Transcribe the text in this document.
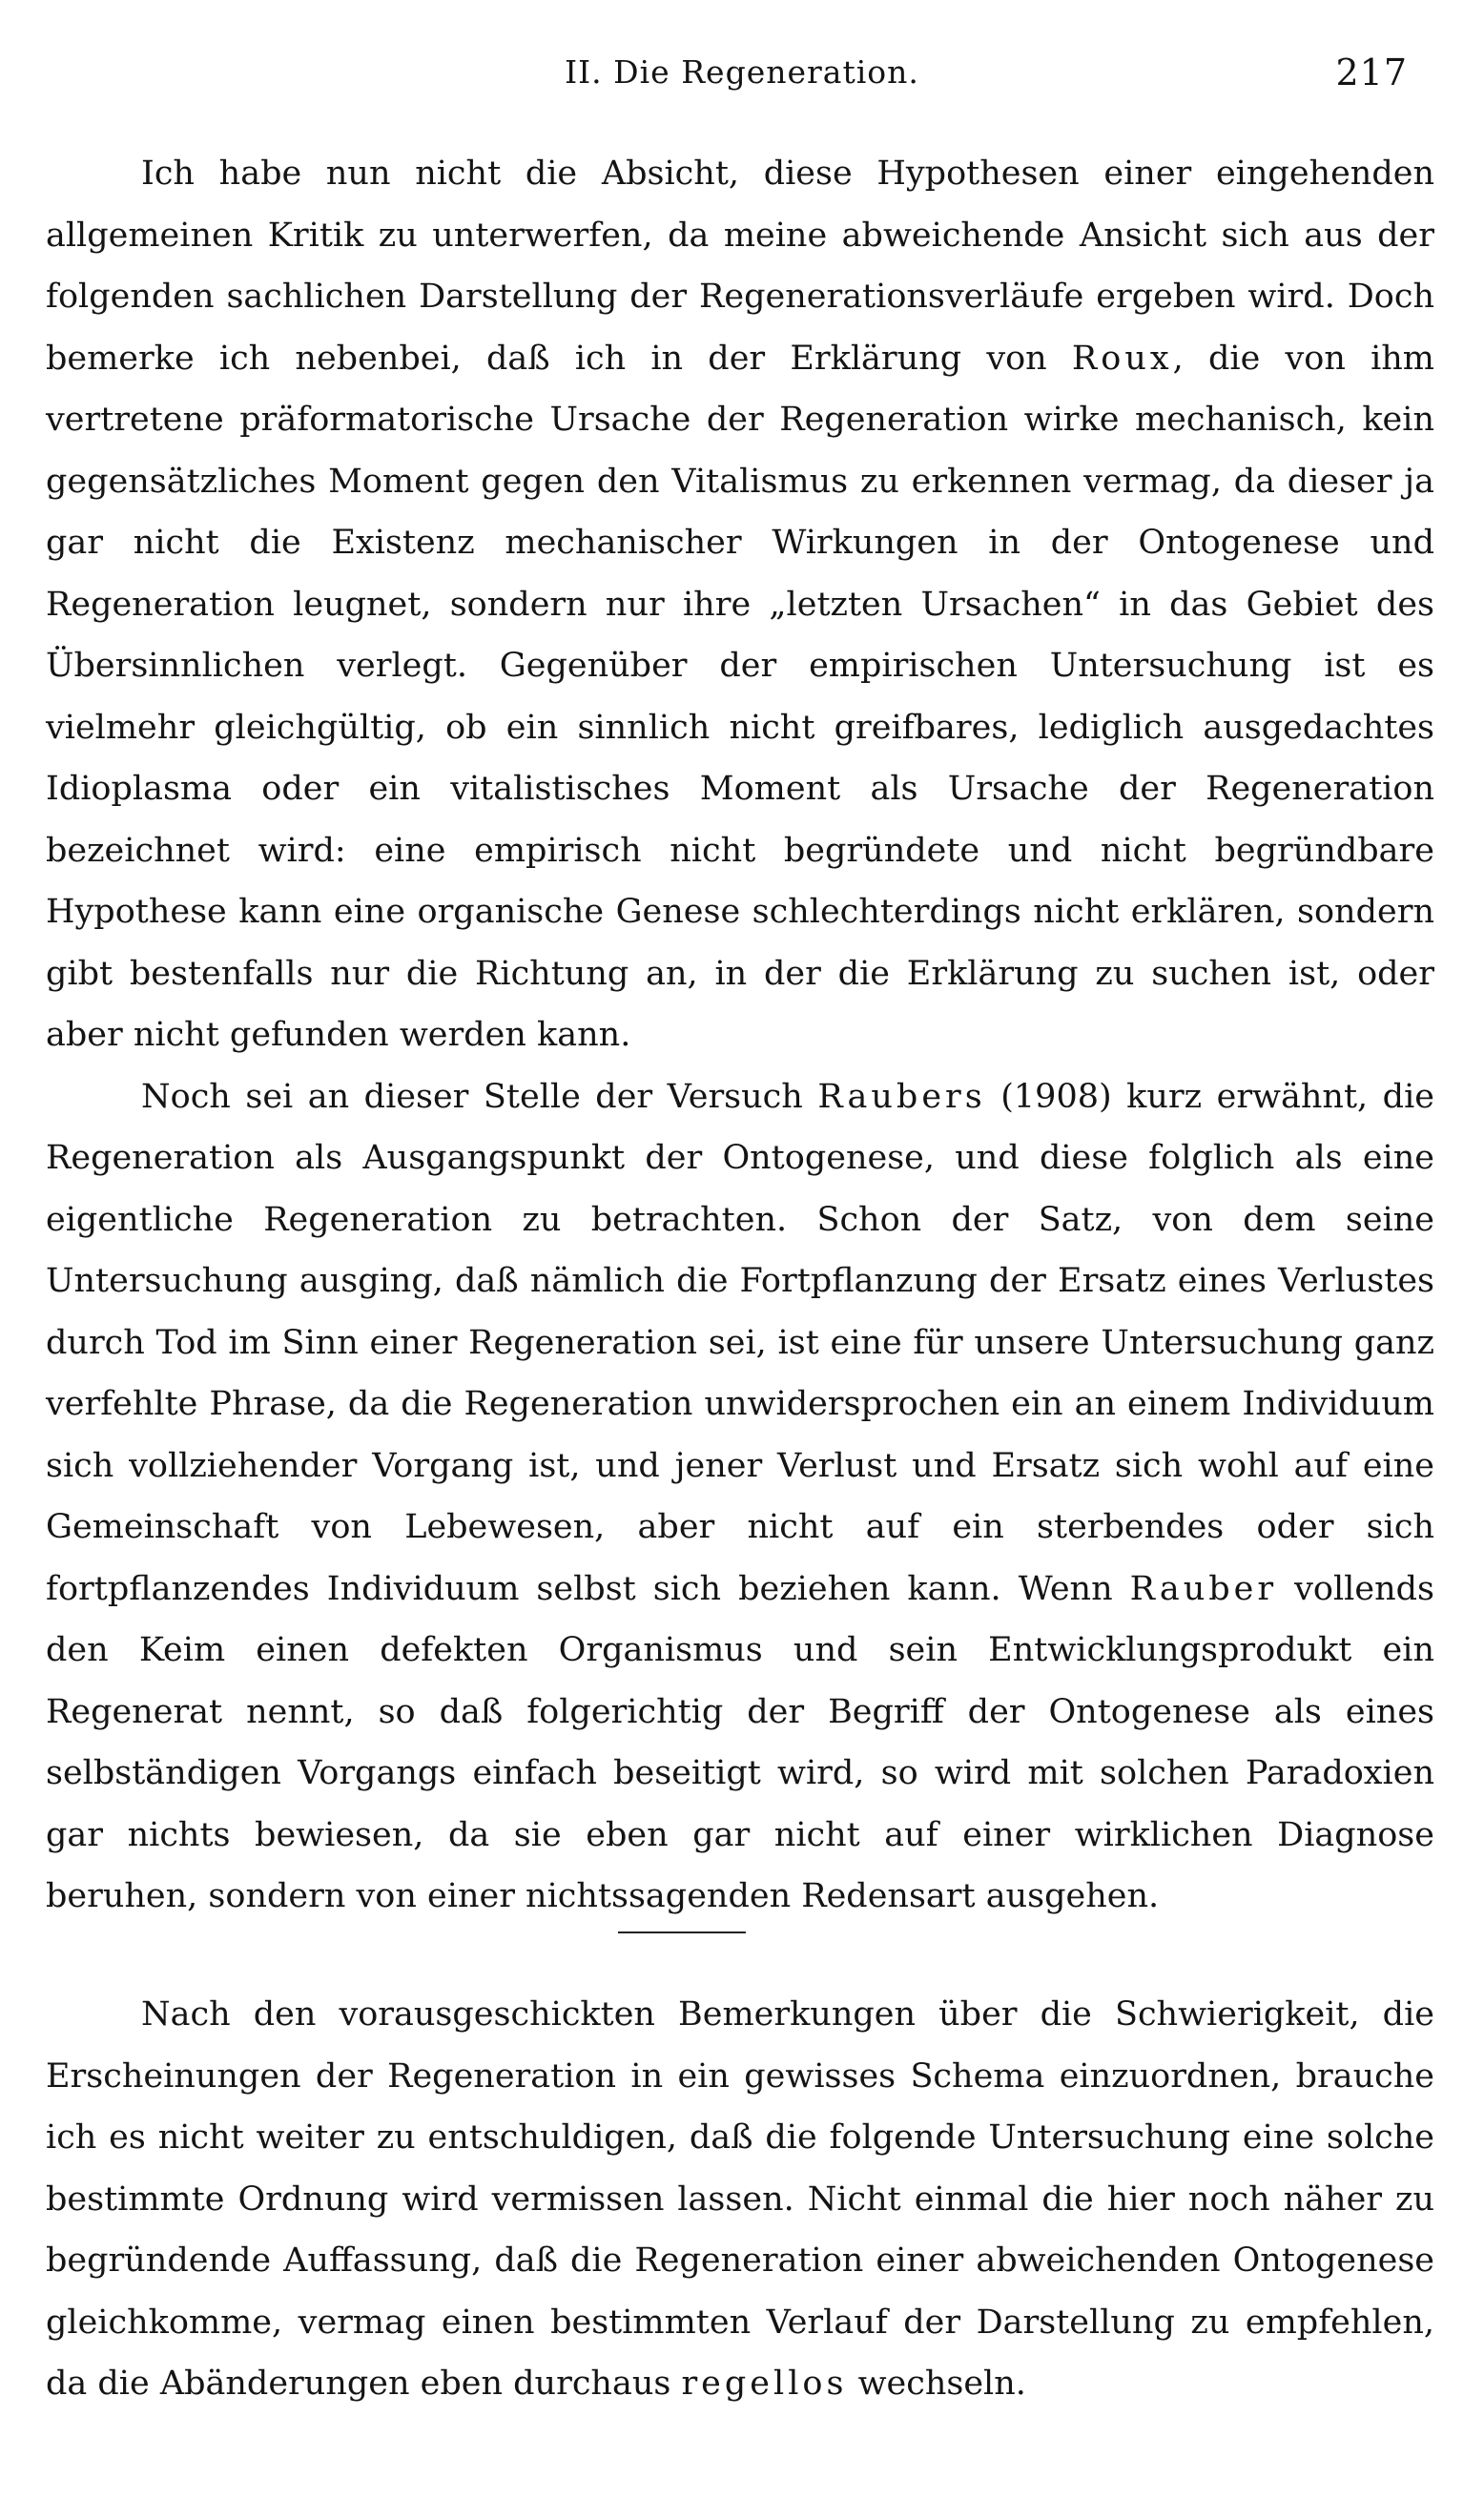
II. Die Regeneration.	217

Ich habe nun nicht die Absicht, diese Hypothesen einer eingehenden allgemeinen Kritik zu unterwerfen, da meine abweichende Ansicht sich aus der folgenden sachlichen Darstellung der Regenerationsverläufe ergeben wird. Doch bemerke ich nebenbei, daß ich in der Erklärung von Roux, die von ihm vertretene präformatorische Ursache der Regeneration wirke mechanisch, kein gegensätzliches Moment gegen den Vitalismus zu erkennen vermag, da dieser ja gar nicht die Existenz mechanischer Wirkungen in der Ontogenese und Regeneration leugnet, sondern nur ihre „letzten Ursachen“ in das Gebiet des Übersinnlichen verlegt. Gegenüber der empirischen Untersuchung ist es vielmehr gleichgültig, ob ein sinnlich nicht greifbares, lediglich ausgedachtes Idioplasma oder ein vitalistisches Moment als Ursache der Regeneration bezeichnet wird: eine empirisch nicht begründete und nicht begründbare Hypothese kann eine organische Genese schlechterdings nicht erklären, sondern gibt bestenfalls nur die Richtung an, in der die Erklärung zu suchen ist, oder aber nicht gefunden werden kann.

Noch sei an dieser Stelle der Versuch Raubers (1908) kurz erwähnt, die Regeneration als Ausgangspunkt der Ontogenese, und diese folglich als eine eigentliche Regeneration zu betrachten. Schon der Satz, von dem seine Untersuchung ausging, daß nämlich die Fortpflanzung der Ersatz eines Verlustes durch Tod im Sinn einer Regeneration sei, ist eine für unsere Untersuchung ganz verfehlte Phrase, da die Regeneration unwidersprochen ein an einem Individuum sich vollziehender Vorgang ist, und jener Verlust und Ersatz sich wohl auf eine Gemeinschaft von Lebewesen, aber nicht auf ein sterbendes oder sich fortpflanzendes Individuum selbst sich beziehen kann. Wenn Rauber vollends den Keim einen defekten Organismus und sein Entwicklungsprodukt ein Regenerat nennt, so daß folgerichtig der Begriff der Ontogenese als eines selbständigen Vorgangs einfach beseitigt wird, so wird mit solchen Paradoxien gar nichts bewiesen, da sie eben gar nicht auf einer wirklichen Diagnose beruhen, sondern von einer nichtssagenden Redensart ausgehen.

Nach den vorausgeschickten Bemerkungen über die Schwierigkeit, die Erscheinungen der Regeneration in ein gewisses Schema einzuordnen, brauche ich es nicht weiter zu entschuldigen, daß die folgende Untersuchung eine solche bestimmte Ordnung wird vermissen lassen. Nicht einmal die hier noch näher zu begründende Auffassung, daß die Regeneration einer abweichenden Ontogenese gleichkomme, vermag einen bestimmten Verlauf der Darstellung zu empfehlen, da die Abänderungen eben durchaus regellos wechseln.
